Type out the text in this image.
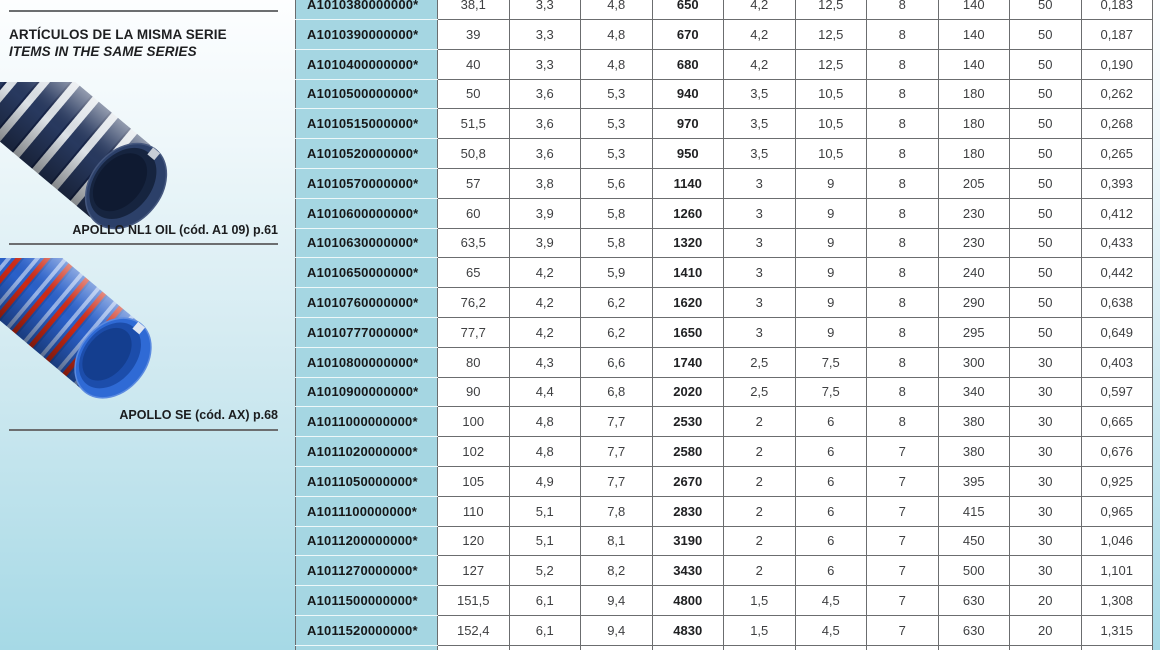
ARTÍCULOS DE LA MISMA SERIE
ITEMS IN THE SAME SERIES
APOLLO NL1 OIL (cód. A1 09) p.61
APOLLO SE (cód. AX) p.68
A1010380000000*	38,1	3,3	4,8	650	4,2	12,5	8	140	50	0,183
A1010390000000*	39	3,3	4,8	670	4,2	12,5	8	140	50	0,187
A1010400000000*	40	3,3	4,8	680	4,2	12,5	8	140	50	0,190
A1010500000000*	50	3,6	5,3	940	3,5	10,5	8	180	50	0,262
A1010515000000*	51,5	3,6	5,3	970	3,5	10,5	8	180	50	0,268
A1010520000000*	50,8	3,6	5,3	950	3,5	10,5	8	180	50	0,265
A1010570000000*	57	3,8	5,6	1140	3	9	8	205	50	0,393
A1010600000000*	60	3,9	5,8	1260	3	9	8	230	50	0,412
A1010630000000*	63,5	3,9	5,8	1320	3	9	8	230	50	0,433
A1010650000000*	65	4,2	5,9	1410	3	9	8	240	50	0,442
A1010760000000*	76,2	4,2	6,2	1620	3	9	8	290	50	0,638
A1010777000000*	77,7	4,2	6,2	1650	3	9	8	295	50	0,649
A1010800000000*	80	4,3	6,6	1740	2,5	7,5	8	300	30	0,403
A1010900000000*	90	4,4	6,8	2020	2,5	7,5	8	340	30	0,597
A1011000000000*	100	4,8	7,7	2530	2	6	8	380	30	0,665
A1011020000000*	102	4,8	7,7	2580	2	6	7	380	30	0,676
A1011050000000*	105	4,9	7,7	2670	2	6	7	395	30	0,925
A1011100000000*	110	5,1	7,8	2830	2	6	7	415	30	0,965
A1011200000000*	120	5,1	8,1	3190	2	6	7	450	30	1,046
A1011270000000*	127	5,2	8,2	3430	2	6	7	500	30	1,101
A1011500000000*	151,5	6,1	9,4	4800	1,5	4,5	7	630	20	1,308
A1011520000000*	152,4	6,1	9,4	4830	1,5	4,5	7	630	20	1,315
